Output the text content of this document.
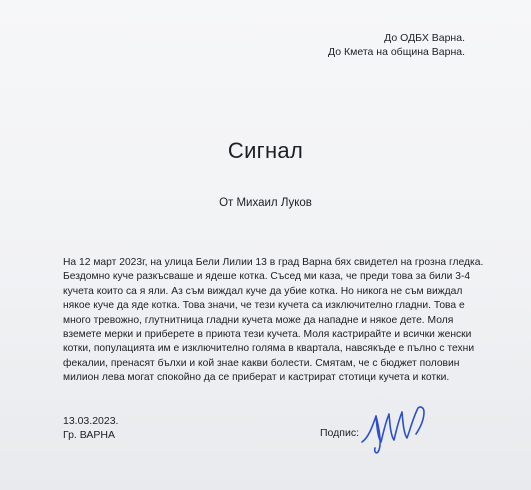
До ОДБХ Варна.
До Кмета на община Варна.
Сигнал
От Михаил Луков
На 12 март 2023г, на улица Бели Лилии 13 в град Варна бях свидетел на грозна гледка.
Бездомно куче разкъсваше и ядеше котка. Съсед ми каза, че преди това за били 3-4
кучета които са я яли. Аз съм виждал куче да убие котка. Но никога не съм виждал
някое куче да яде котка. Това значи, че тези кучета са изключително гладни. Това е
много тревожно, глутнитница гладни кучета може да нападне и някое дете. Моля
вземете мерки и приберете в приюта тези кучета. Моля кастрирайте и всички женски
котки, популацията им е изключително голяма в квартала, навсякъде е пълно с техни
фекалии, пренасят бълхи и кой знае какви болести. Смятам, че с бюджет половин
милион лева могат спокойно да се приберат и кастрират стотици кучета и котки.
13.03.2023.
Гр. ВАРНА	Подпис:
